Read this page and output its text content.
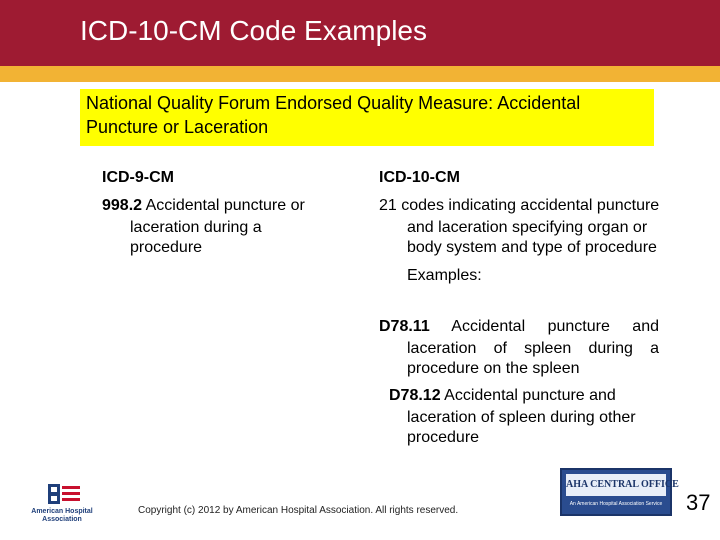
ICD-10-CM Code Examples
National Quality Forum Endorsed Quality Measure: Accidental
Puncture or Laceration
ICD-9-CM
998.2 Accidental puncture or
laceration during a
procedure
ICD-10-CM
21 codes indicating accidental puncture
and laceration specifying organ or
body system and type of procedure
Examples:
D78.11 Accidental puncture and
laceration of spleen during a
procedure on the spleen
D78.12 Accidental puncture and
laceration of spleen during other
procedure
American Hospital
Association
Copyright (c) 2012 by American Hospital Association. All rights reserved.
AHA CENTRAL OFFICE
An American Hospital Association Service	37
